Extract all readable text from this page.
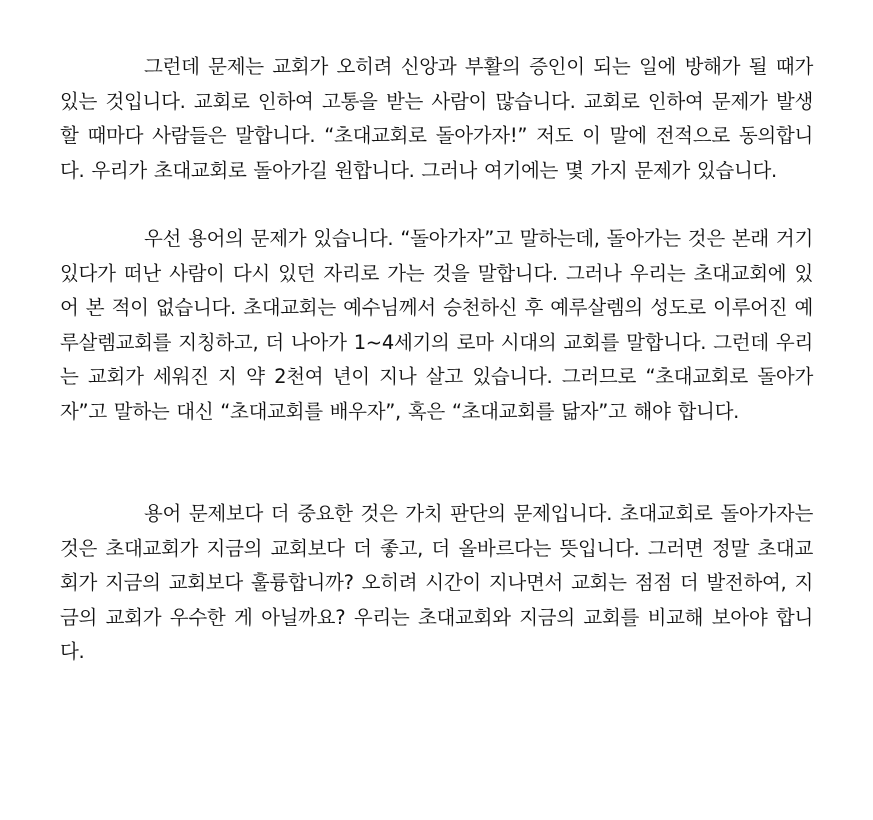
그런데 문제는 교회가 오히려 신앙과 부활의 증인이 되는 일에 방해가 될 때가 있는 것입니다. 교회로 인하여 고통을 받는 사람이 많습니다. 교회로 인하여 문제가 발생할 때마다 사람들은 말합니다. “초대교회로 돌아가자!” 저도 이 말에 전적으로 동의합니다. 우리가 초대교회로 돌아가길 원합니다. 그러나 여기에는 몇 가지 문제가 있습니다.

우선 용어의 문제가 있습니다. “돌아가자”고 말하는데, 돌아가는 것은 본래 거기 있다가 떠난 사람이 다시 있던 자리로 가는 것을 말합니다. 그러나 우리는 초대교회에 있어 본 적이 없습니다. 초대교회는 예수님께서 승천하신 후 예루살렘의 성도로 이루어진 예루살렘교회를 지칭하고, 더 나아가 1~4세기의 로마 시대의 교회를 말합니다. 그런데 우리는 교회가 세워진 지 약 2천여 년이 지나 살고 있습니다. 그러므로 “초대교회로 돌아가자”고 말하는 대신 “초대교회를 배우자”, 혹은 “초대교회를 닮자”고 해야 합니다.

용어 문제보다 더 중요한 것은 가치 판단의 문제입니다. 초대교회로 돌아가자는 것은 초대교회가 지금의 교회보다 더 좋고, 더 올바르다는 뜻입니다. 그러면 정말 초대교회가 지금의 교회보다 훌륭합니까? 오히려 시간이 지나면서 교회는 점점 더 발전하여, 지금의 교회가 우수한 게 아닐까요? 우리는 초대교회와 지금의 교회를 비교해 보아야 합니다.
